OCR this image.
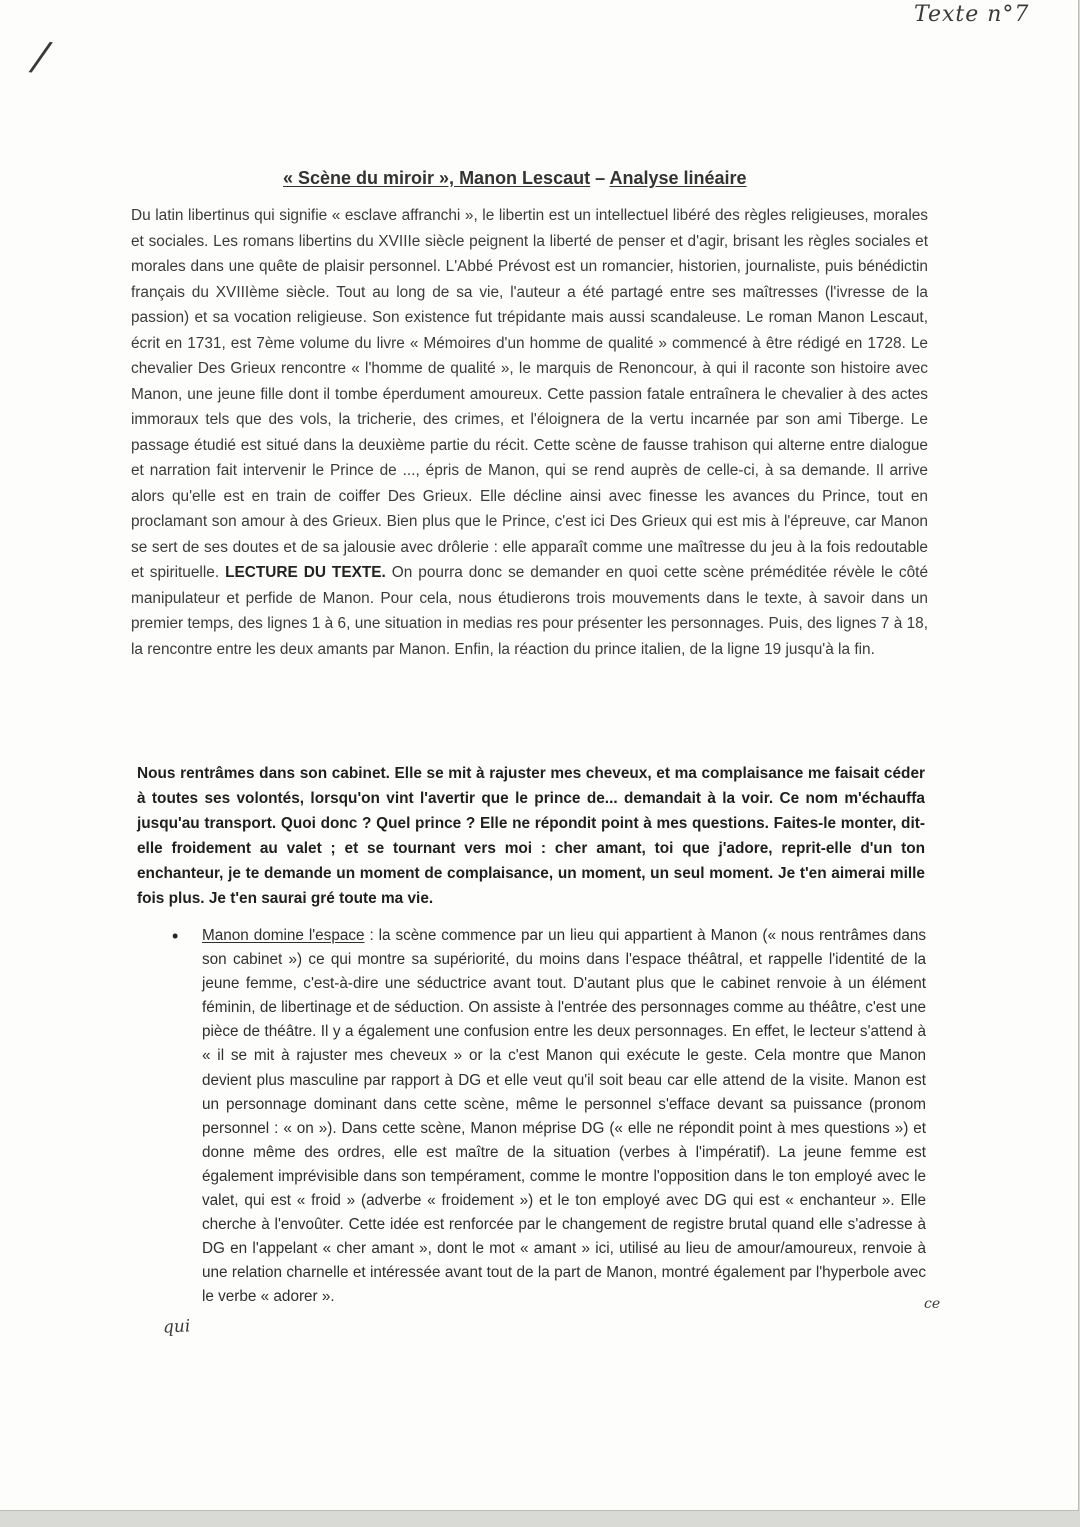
Texte n°7
/
« Scène du miroir », Manon Lescaut – Analyse linéaire
Du latin libertinus qui signifie « esclave affranchi », le libertin est un intellectuel libéré des règles religieuses, morales et sociales. Les romans libertins du XVIIIe siècle peignent la liberté de penser et d'agir, brisant les règles sociales et morales dans une quête de plaisir personnel. L'Abbé Prévost est un romancier, historien, journaliste, puis bénédictin français du XVIIIème siècle. Tout au long de sa vie, l'auteur a été partagé entre ses maîtresses (l'ivresse de la passion) et sa vocation religieuse. Son existence fut trépidante mais aussi scandaleuse. Le roman Manon Lescaut, écrit en 1731, est 7ème volume du livre « Mémoires d'un homme de qualité » commencé à être rédigé en 1728. Le chevalier Des Grieux rencontre « l'homme de qualité », le marquis de Renoncour, à qui il raconte son histoire avec Manon, une jeune fille dont il tombe éperdument amoureux. Cette passion fatale entraînera le chevalier à des actes immoraux tels que des vols, la tricherie, des crimes, et l'éloignera de la vertu incarnée par son ami Tiberge. Le passage étudié est situé dans la deuxième partie du récit. Cette scène de fausse trahison qui alterne entre dialogue et narration fait intervenir le Prince de ..., épris de Manon, qui se rend auprès de celle-ci, à sa demande. Il arrive alors qu'elle est en train de coiffer Des Grieux. Elle décline ainsi avec finesse les avances du Prince, tout en proclamant son amour à des Grieux. Bien plus que le Prince, c'est ici Des Grieux qui est mis à l'épreuve, car Manon se sert de ses doutes et de sa jalousie avec drôlerie : elle apparaît comme une maîtresse du jeu à la fois redoutable et spirituelle. LECTURE DU TEXTE. On pourra donc se demander en quoi cette scène préméditée révèle le côté manipulateur et perfide de Manon. Pour cela, nous étudierons trois mouvements dans le texte, à savoir dans un premier temps, des lignes 1 à 6, une situation in medias res pour présenter les personnages. Puis, des lignes 7 à 18, la rencontre entre les deux amants par Manon. Enfin, la réaction du prince italien, de la ligne 19 jusqu'à la fin.
Nous rentrâmes dans son cabinet. Elle se mit à rajuster mes cheveux, et ma complaisance me faisait céder à toutes ses volontés, lorsqu'on vint l'avertir que le prince de... demandait à la voir. Ce nom m'échauffa jusqu'au transport. Quoi donc ? Quel prince ? Elle ne répondit point à mes questions. Faites-le monter, dit-elle froidement au valet ; et se tournant vers moi : cher amant, toi que j'adore, reprit-elle d'un ton enchanteur, je te demande un moment de complaisance, un moment, un seul moment. Je t'en aimerai mille fois plus. Je t'en saurai gré toute ma vie.
• Manon domine l'espace : la scène commence par un lieu qui appartient à Manon (« nous rentrâmes dans son cabinet ») ce qui montre sa supériorité, du moins dans l'espace théâtral, et rappelle l'identité de la jeune femme, c'est-à-dire une séductrice avant tout. D'autant plus que le cabinet renvoie à un élément féminin, de libertinage et de séduction. On assiste à l'entrée des personnages comme au théâtre, c'est une pièce de théâtre. Il y a également une confusion entre les deux personnages. En effet, le lecteur s'attend à « il se mit à rajuster mes cheveux » or la c'est Manon qui exécute le geste. Cela montre que Manon devient plus masculine par rapport à DG et elle veut qu'il soit beau car elle attend de la visite. Manon est un personnage dominant dans cette scène, même le personnel s'efface devant sa puissance (pronom personnel : « on »). Dans cette scène, Manon méprise DG (« elle ne répondit point à mes questions ») et donne même des ordres, elle est maître de la situation (verbes à l'impératif). La jeune femme est également imprévisible dans son tempérament, comme le montre l'opposition dans le ton employé avec le valet, qui est « froid » (adverbe « froidement ») et le ton employé avec DG qui est « enchanteur ». Elle cherche à l'envoûter. Cette idée est renforcée par le changement de registre brutal quand elle s'adresse à DG en l'appelant « cher amant », dont le mot « amant » ici, utilisé au lieu de amour/amoureux, renvoie à une relation charnelle et intéressée avant tout de la part de Manon, montré également par l'hyperbole avec le verbe « adorer ».	ce
qui
